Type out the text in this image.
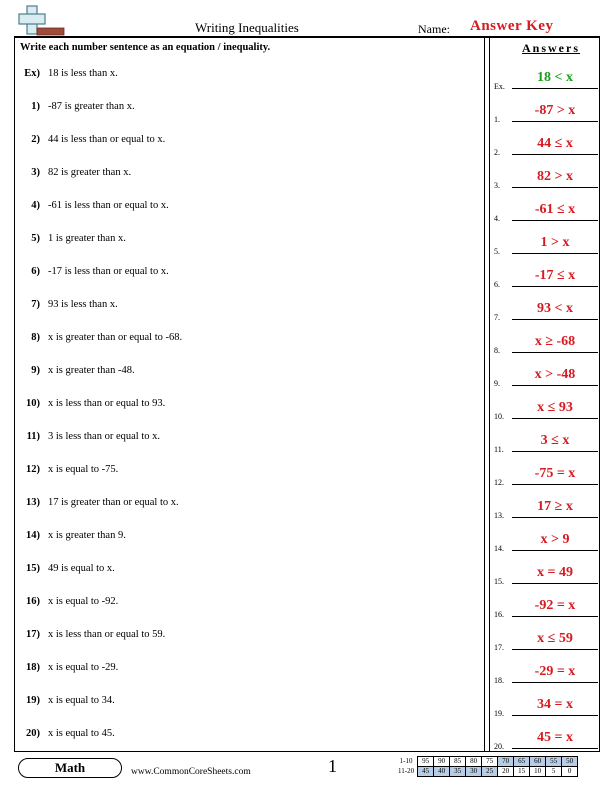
Writing Inequalities	Name: Answer Key
Write each number sentence as an equation / inequality.	Answers
Ex) 18 is less than x.
1) -87 is greater than x.
2) 44 is less than or equal to x.
3) 82 is greater than x.
4) -61 is less than or equal to x.
5) 1 is greater than x.
6) -17 is less than or equal to x.
7) 93 is less than x.
8) x is greater than or equal to -68.
9) x is greater than -48.
10) x is less than or equal to 93.
11) 3 is less than or equal to x.
12) x is equal to -75.
13) 17 is greater than or equal to x.
14) x is greater than 9.
15) 49 is equal to x.
16) x is equal to -92.
17) x is less than or equal to 59.
18) x is equal to -29.
19) x is equal to 34.
20) x is equal to 45.
Ex.
18 < x
1.
-87 > x
2.
44 ≤ x
3.
82 > x
4.
-61 ≤ x
5.
1 > x
6.
-17 ≤ x
7.
93 < x
8.
x ≥ -68
9.
x > -48
10.
x ≤ 93
11.
3 ≤ x
12.
-75 = x
13.
17 ≥ x
14.
x > 9
15.
x = 49
16.
-92 = x
17.
x ≤ 59
18.
-29 = x
19.
34 = x
20.
45 = x
Math	www.CommonCoreSheets.com	1	1-10	95	90	85	80	75	70	65	60	55	50
11-20	45	40	35	30	25	20	15	10	5	0
